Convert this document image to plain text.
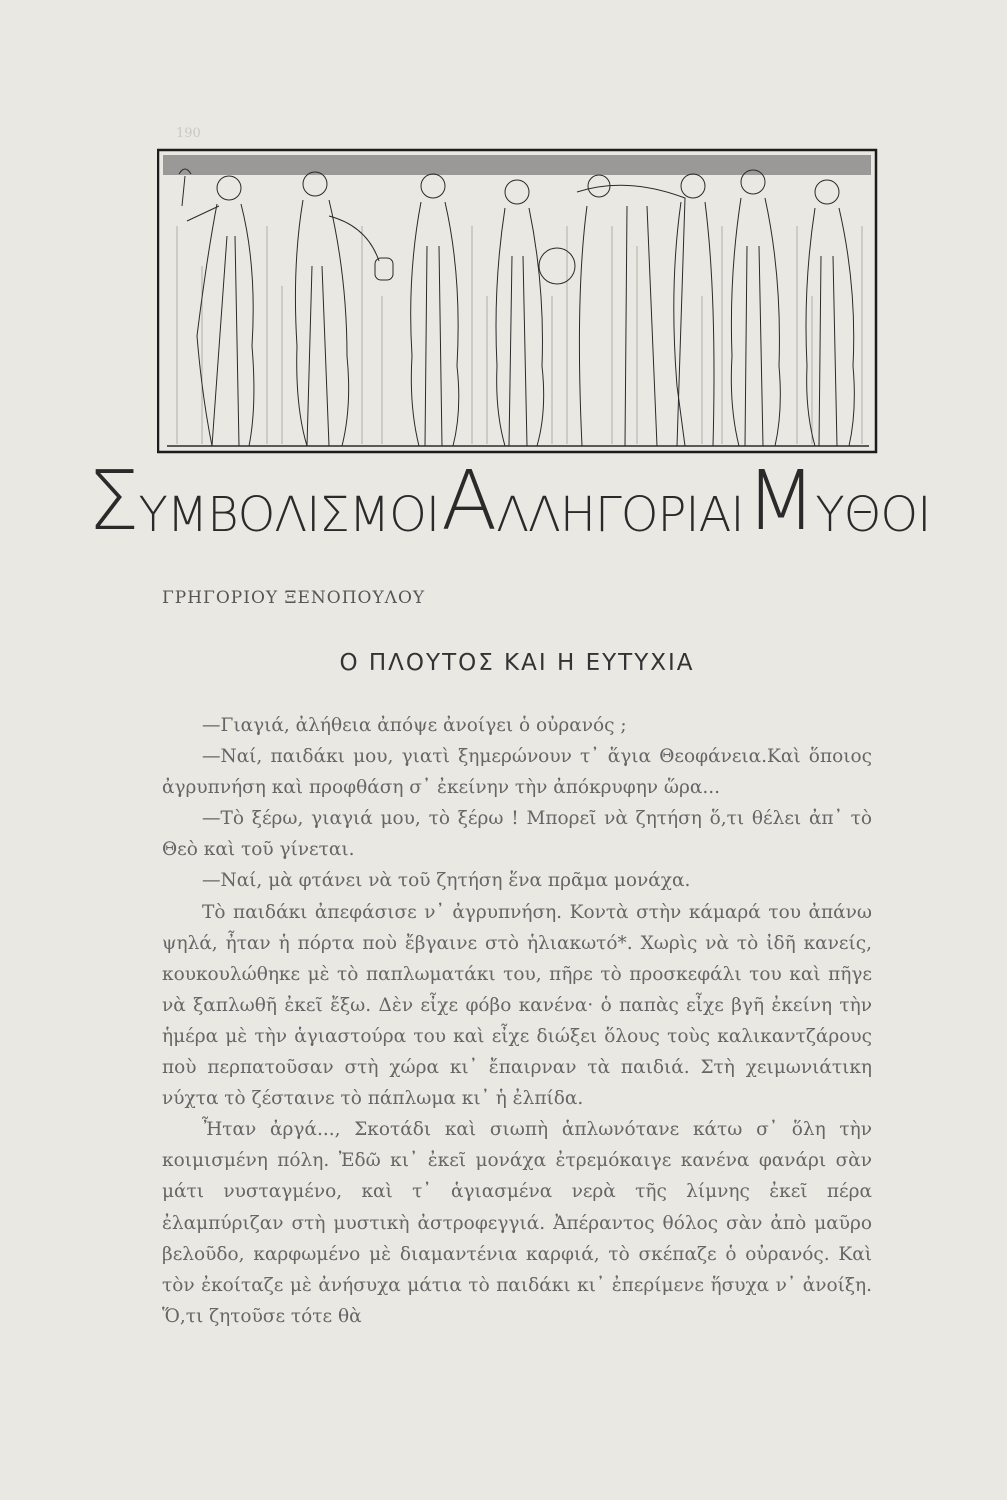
190
Σ ΥΜΒΟΛΙΣΜΟΙ Α ΛΛΗΓΟΡΙΑΙ Μ ΥΘΟΙ
ΓΡΗΓΟΡΙΟΥ ΞΕΝΟΠΟΥΛΟΥ
Ο ΠΛΟΥΤΟΣ ΚΑΙ Η ΕΥΤΥΧΙΑ

—Γιαγιά, ἀλήθεια ἀπόψε ἀνοίγει ὁ οὐρανός ;

—Ναί, παιδάκι μου, γιατὶ ξημερώνουν τ᾽ ἅγια Θεοφάνεια.Καὶ ὅποιος ἀγρυπνήση καὶ προφθάση σ᾽ ἐκείνην τὴν ἀπόκρυφην ὥρα...

—Τὸ ξέρω, γιαγιά μου, τὸ ξέρω ! Μπορεῖ νὰ ζητήση ὅ,τι θέλει ἀπ᾽ τὸ Θεὸ καὶ τοῦ γίνεται.

—Ναί, μὰ φτάνει νὰ τοῦ ζητήση ἕνα πρᾶμα μονάχα.

Τὸ παιδάκι ἀπεφάσισε ν᾽ ἀγρυπνήση. Κοντὰ στὴν κάμαρά του ἀπάνω ψηλά, ἦταν ἡ πόρτα ποὺ ἔβγαινε στὸ ἡλιακωτό*. Χωρὶς νὰ τὸ ἰδῆ κανείς, κουκουλώθηκε μὲ τὸ παπλωματάκι του, πῆρε τὸ προσκεφάλι του καὶ πῆγε νὰ ξαπλωθῆ ἐκεῖ ἔξω. Δὲν εἶχε φόβο κανένα· ὁ παπὰς εἶχε βγῆ ἐκείνη τὴν ἡμέρα μὲ τὴν ἁγιαστούρα του καὶ εἶχε διώξει ὅλους τοὺς καλικαντζάρους ποὺ περπατοῦσαν στὴ χώρα κι᾽ ἔπαιρναν τὰ παιδιά. Στὴ χειμωνιάτικη νύχτα τὸ ζέσταινε τὸ πάπλωμα κι᾽ ἡ ἐλπίδα.

Ἦταν ἀργά..., Σκοτάδι καὶ σιωπὴ ἁπλωνότανε κάτω σ᾽ ὅλη τὴν κοιμισμένη πόλη. Ἐδῶ κι᾽ ἐκεῖ μονάχα ἐτρεμόκαιγε κανένα φανάρι σὰν μάτι νυσταγμένο, καὶ τ᾽ ἁγιασμένα νερὰ τῆς λίμνης ἐκεῖ πέρα ἐλαμπύριζαν στὴ μυστικὴ ἀστροφεγγιά. Ἀπέραντος θόλος σὰν ἀπὸ μαῦρο βελοῦδο, καρφωμένο μὲ διαμαντένια καρφιά, τὸ σκέπαζε ὁ οὐρανός. Καὶ τὸν ἐκοίταζε μὲ ἀνήσυχα μάτια τὸ παιδάκι κι᾽ ἐπερίμενε ἥσυχα ν᾽ ἀνοίξη. Ὅ,τι ζητοῦσε τότε θὰ
